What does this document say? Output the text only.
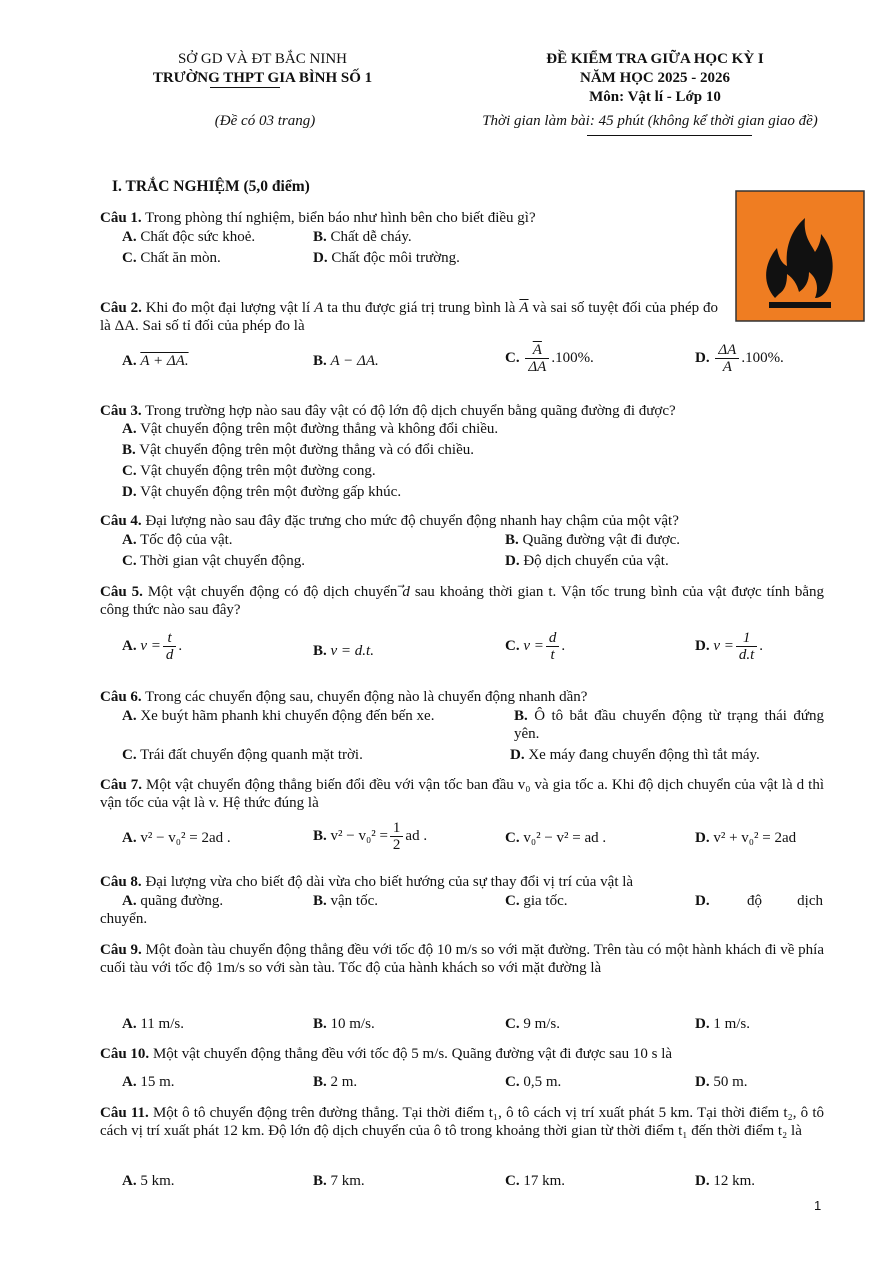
SỞ GD VÀ ĐT BẮC NINH
TRƯỜNG THPT GIA BÌNH SỐ 1
(Đề có 03 trang)
ĐỀ KIỂM TRA GIỮA HỌC KỲ I
NĂM HỌC 2025 - 2026
Môn: Vật lí - Lớp 10
Thời gian làm bài: 45 phút (không kể thời gian giao đề)
I. TRẮC NGHIỆM (5,0 điểm)
Câu 1. Trong phòng thí nghiệm, biển báo như hình bên cho biết điều gì?
A. Chất độc sức khoẻ.	B. Chất dễ cháy.
C. Chất ăn mòn.	D. Chất độc môi trường.
Câu 2. Khi đo một đại lượng vật lí A ta thu được giá trị trung bình là $\overline{A}$ và sai số tuyệt đối của phép đo là ΔA. Sai số tỉ đối của phép đo là
A. A + ΔA.	B. A − ΔA.	C. $\frac{\overline{A}}{\Delta A} .100\%$.	D. $\frac{\Delta A}{A} .100\%$.
Câu 3. Trong trường hợp nào sau đây vật có độ lớn độ dịch chuyển bằng quãng đường đi được?
A. Vật chuyển động trên một đường thẳng và không đổi chiều.
B. Vật chuyển động trên một đường thẳng và có đổi chiều.
C. Vật chuyển động trên một đường cong.
D. Vật chuyển động trên một đường gấp khúc.
Câu 4. Đại lượng nào sau đây đặc trưng cho mức độ chuyển động nhanh hay chậm của một vật?
A. Tốc độ của vật.	B. Quãng đường vật đi được.
C. Thời gian vật chuyển động.	D. Độ dịch chuyển của vật.
Câu 5. Một vật chuyển động có độ dịch chuyển d sau khoảng thời gian t. Vận tốc trung bình của vật được tính bằng công thức nào sau đây?
A. $v = \frac{t}{d}$ .	B. v = d.t.	C. $v = \frac{d}{t}$ .	D. $v = \frac{1}{d.t}$ .
Câu 6. Trong các chuyển động sau, chuyển động nào là chuyển động nhanh dần?
A. Xe buýt hãm phanh khi chuyển động đến bến xe.	B. Ô tô bắt đầu chuyển động từ trạng thái đứng yên.
C. Trái đất chuyển động quanh mặt trời.	D. Xe máy đang chuyển động thì tắt máy.
Câu 7. Một vật chuyển động thẳng biến đổi đều với vận tốc ban đầu v₀ và gia tốc a. Khi độ dịch chuyển của vật là d thì vận tốc của vật là v. Hệ thức đúng là
A. v² − v₀² = 2ad .	B. $v^2 - v_0^2 = \frac{1}{2}$ ad .	C. v₀² − v² = ad .	D. v² + v₀² = 2ad
Câu 8. Đại lượng vừa cho biết độ dài vừa cho biết hướng của sự thay đổi vị trí của vật là
A. quãng đường.	B. vận tốc.	C. gia tốc.	D. độ dịch
chuyển.
Câu 9. Một đoàn tàu chuyển động thẳng đều với tốc độ 10 m/s so với mặt đường. Trên tàu có một hành khách đi về phía cuối tàu với tốc độ 1m/s so với sàn tàu. Tốc độ của hành khách so với mặt đường là
A. 11 m/s.	B. 10 m/s.	C. 9 m/s.	D. 1 m/s.
Câu 10. Một vật chuyển động thẳng đều với tốc độ 5 m/s. Quãng đường vật đi được sau 10 s là
A. 15 m.	B. 2 m.	C. 0,5 m.	D. 50 m.
Câu 11. Một ô tô chuyển động trên đường thẳng. Tại thời điểm t₁, ô tô cách vị trí xuất phát 5 km. Tại thời điểm t₂, ô tô cách vị trí xuất phát 12 km. Độ lớn độ dịch chuyển của ô tô trong khoảng thời gian từ thời điểm t₁ đến thời điểm t₂ là
A. 5 km.	B. 7 km.	C. 17 km.	D. 12 km.
1
